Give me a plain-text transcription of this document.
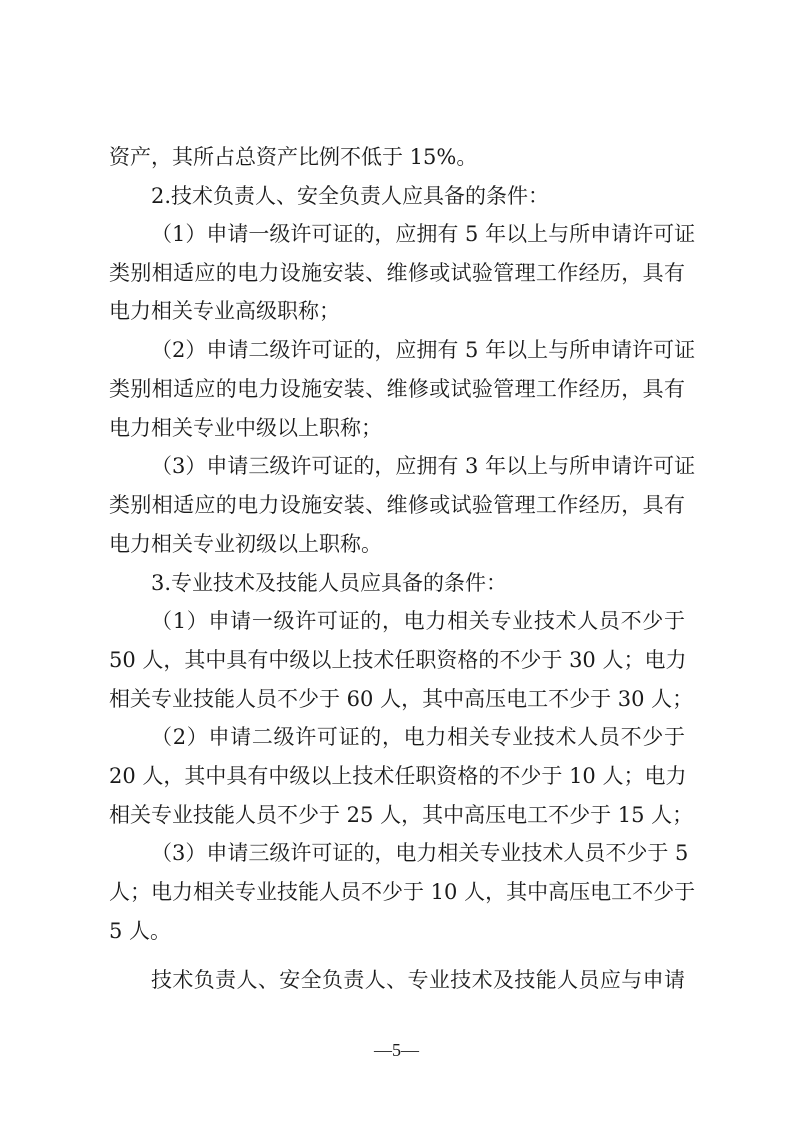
资产，其所占总资产比例不低于 15%。
2.技术负责人、安全负责人应具备的条件：
（1）申请一级许可证的，应拥有 5 年以上与所申请许可证
类别相适应的电力设施安装、维修或试验管理工作经历，具有
电力相关专业高级职称；
（2）申请二级许可证的，应拥有 5 年以上与所申请许可证
类别相适应的电力设施安装、维修或试验管理工作经历，具有
电力相关专业中级以上职称；
（3）申请三级许可证的，应拥有 3 年以上与所申请许可证
类别相适应的电力设施安装、维修或试验管理工作经历，具有
电力相关专业初级以上职称。
3.专业技术及技能人员应具备的条件：
（1）申请一级许可证的，电力相关专业技术人员不少于
50 人，其中具有中级以上技术任职资格的不少于 30 人；电力
相关专业技能人员不少于 60 人，其中高压电工不少于 30 人；
（2）申请二级许可证的，电力相关专业技术人员不少于
20 人，其中具有中级以上技术任职资格的不少于 10 人；电力
相关专业技能人员不少于 25 人，其中高压电工不少于 15 人；
（3）申请三级许可证的，电力相关专业技术人员不少于 5
人；电力相关专业技能人员不少于 10 人，其中高压电工不少于
5 人。
技术负责人、安全负责人、专业技术及技能人员应与申请
—5—
